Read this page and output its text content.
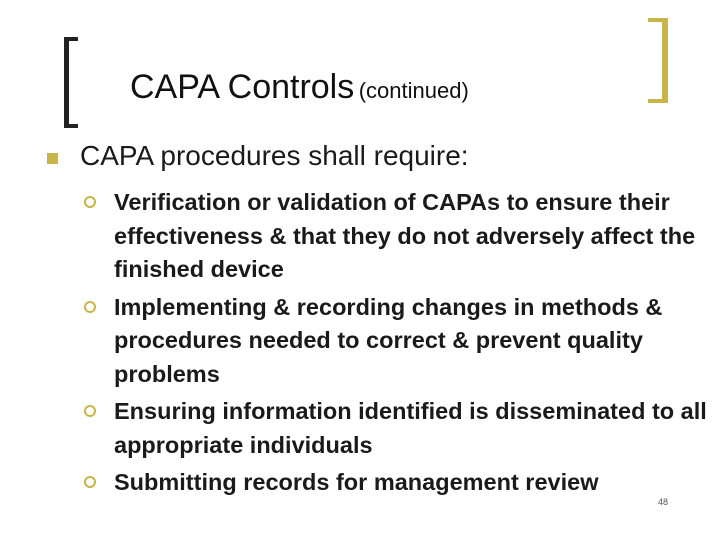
CAPA Controls (continued)
CAPA procedures shall require:
Verification or validation of CAPAs to ensure their effectiveness & that they do not adversely affect the finished device
Implementing & recording changes in methods & procedures needed to correct & prevent quality problems
Ensuring information identified is disseminated to all appropriate individuals
Submitting records for management review
48
